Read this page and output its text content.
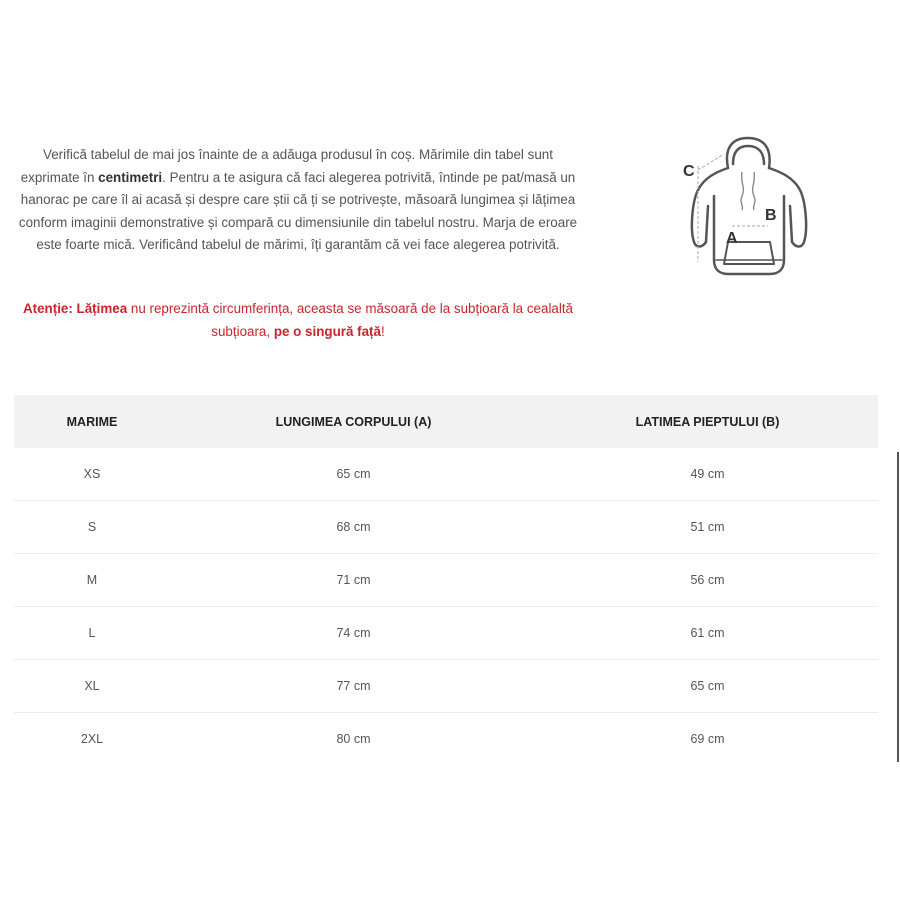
Verifică tabelul de mai jos înainte de a adăuga produsul în coș. Mărimile din tabel sunt exprimate în centimetri. Pentru a te asigura că faci alegerea potrivită, întinde pe pat/masă un hanorac pe care îl ai acasă și despre care știi că ți se potrivește, măsoară lungimea și lățimea conform imaginii demonstrative și compară cu dimensiunile din tabelul nostru. Marja de eroare este foarte mică. Verificând tabelul de mărimi, îți garantăm că vei face alegerea potrivită.

Atenție: Lățimea nu reprezintă circumferința, aceasta se măsoară de la subțioară la cealaltă subțioara, pe o singură față!

C
B
A
MARIME	LUNGIMEA CORPULUI (A)	LATIMEA PIEPTULUI (B)
XS	65 cm	49 cm
S	68 cm	51 cm
M	71 cm	56 cm
L	74 cm	61 cm
XL	77 cm	65 cm
2XL	80 cm	69 cm
